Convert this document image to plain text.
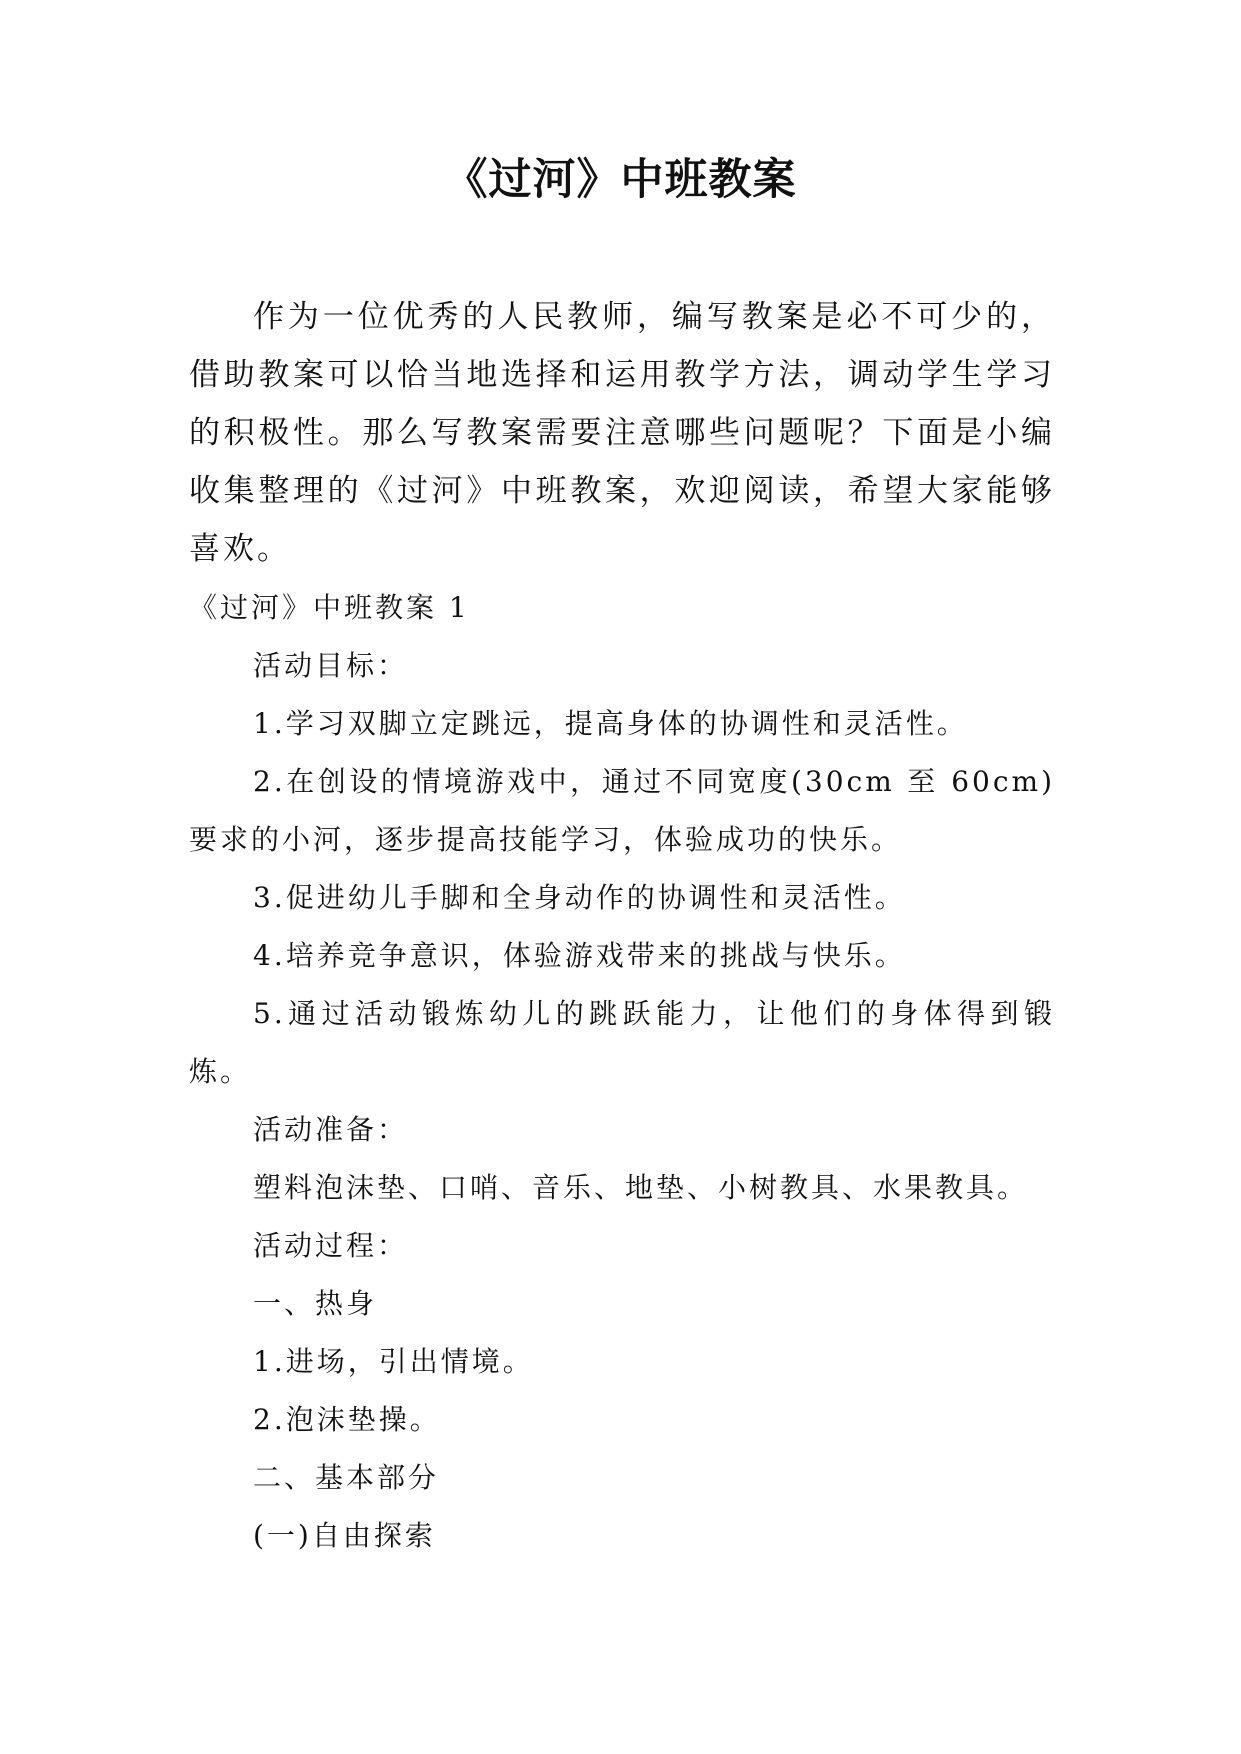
《过河》中班教案

作为一位优秀的人民教师，编写教案是必不可少的，借助教案可以恰当地选择和运用教学方法，调动学生学习的积极性。那么写教案需要注意哪些问题呢？下面是小编收集整理的《过河》中班教案，欢迎阅读，希望大家能够喜欢。

《过河》中班教案 1
活动目标：
1.学习双脚立定跳远，提高身体的协调性和灵活性。

2.在创设的情境游戏中，通过不同宽度(30cm 至 60cm)要求的小河，逐步提高技能学习，体验成功的快乐。

3.促进幼儿手脚和全身动作的协调性和灵活性。
4.培养竞争意识，体验游戏带来的挑战与快乐。

5.通过活动锻炼幼儿的跳跃能力，让他们的身体得到锻炼。

活动准备：
塑料泡沫垫、口哨、音乐、地垫、小树教具、水果教具。
活动过程：
一、热身
1.进场，引出情境。
2.泡沫垫操。
二、基本部分
(一)自由探索
